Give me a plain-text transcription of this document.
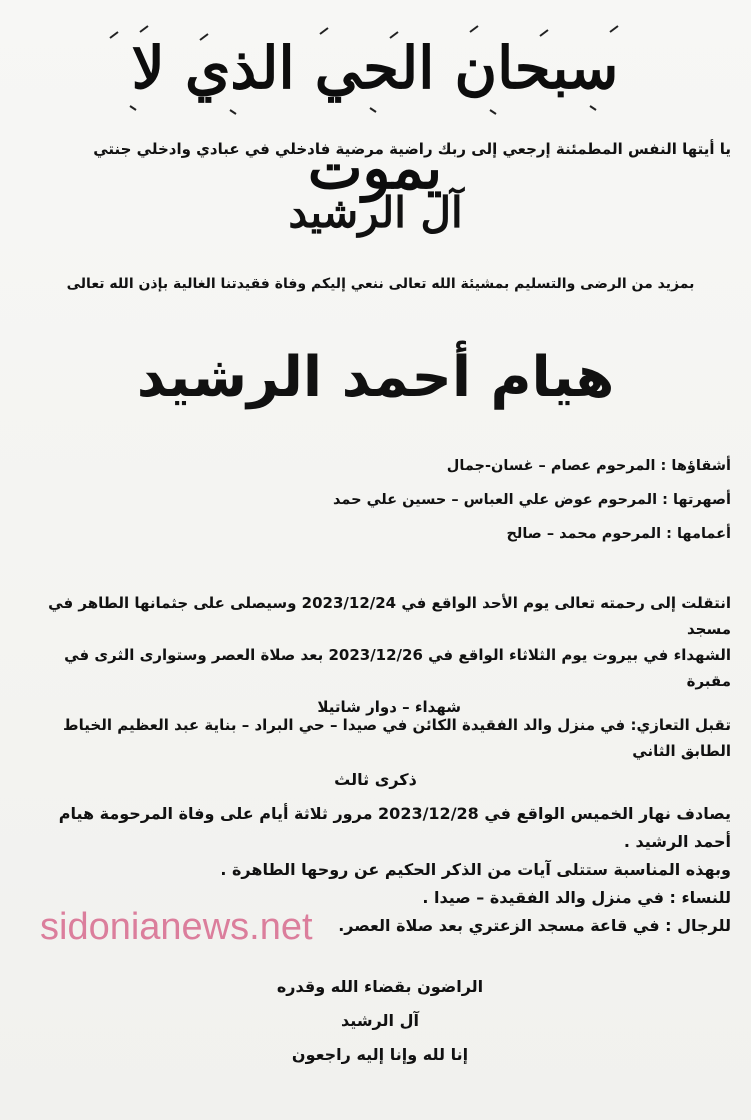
سبحان الحي الذي لا يموت
يا أيتها النفس المطمئنة إرجعي إلى ربك راضية مرضية فادخلي في عبادي وادخلي جنتي
آل الرشيد
بمزيد من الرضى والتسليم بمشيئة الله تعالى ننعي إليكم وفاة فقيدتنا الغالية بإذن الله تعالى
هيام أحمد الرشيد
أشقاؤها : المرحوم عصام – غسان-جمال
أصهرتها : المرحوم عوض علي العباس – حسين علي حمد
أعمامها : المرحوم محمد – صالح
انتقلت إلى رحمته تعالى يوم الأحد الواقع في 2023/12/24 وسيصلى على جثمانها الطاهر في مسجد
الشهداء في بيروت يوم الثلاثاء الواقع في 2023/12/26 بعد صلاة العصر وستوارى الثرى في مقبرة
شهداء – دوار شاتيلا
تقبل التعازي: في منزل والد الفقيدة الكائن في صيدا – حي البراد – بناية عبد العظيم الخياط
الطابق الثاني
ذكرى ثالث
يصادف نهار الخميس الواقع في 2023/12/28 مرور ثلاثة أيام على وفاة المرحومة هيام
أحمد الرشيد .
وبهذه المناسبة ستتلى آيات من الذكر الحكيم عن روحها الطاهرة .
للنساء : في منزل والد الفقيدة – صيدا .
للرجال : في قاعة مسجد الزعتري بعد صلاة العصر.
sidonianews.net
الراضون بقضاء الله وقدره
آل الرشيد
إنا لله وإنا إليه راجعون
